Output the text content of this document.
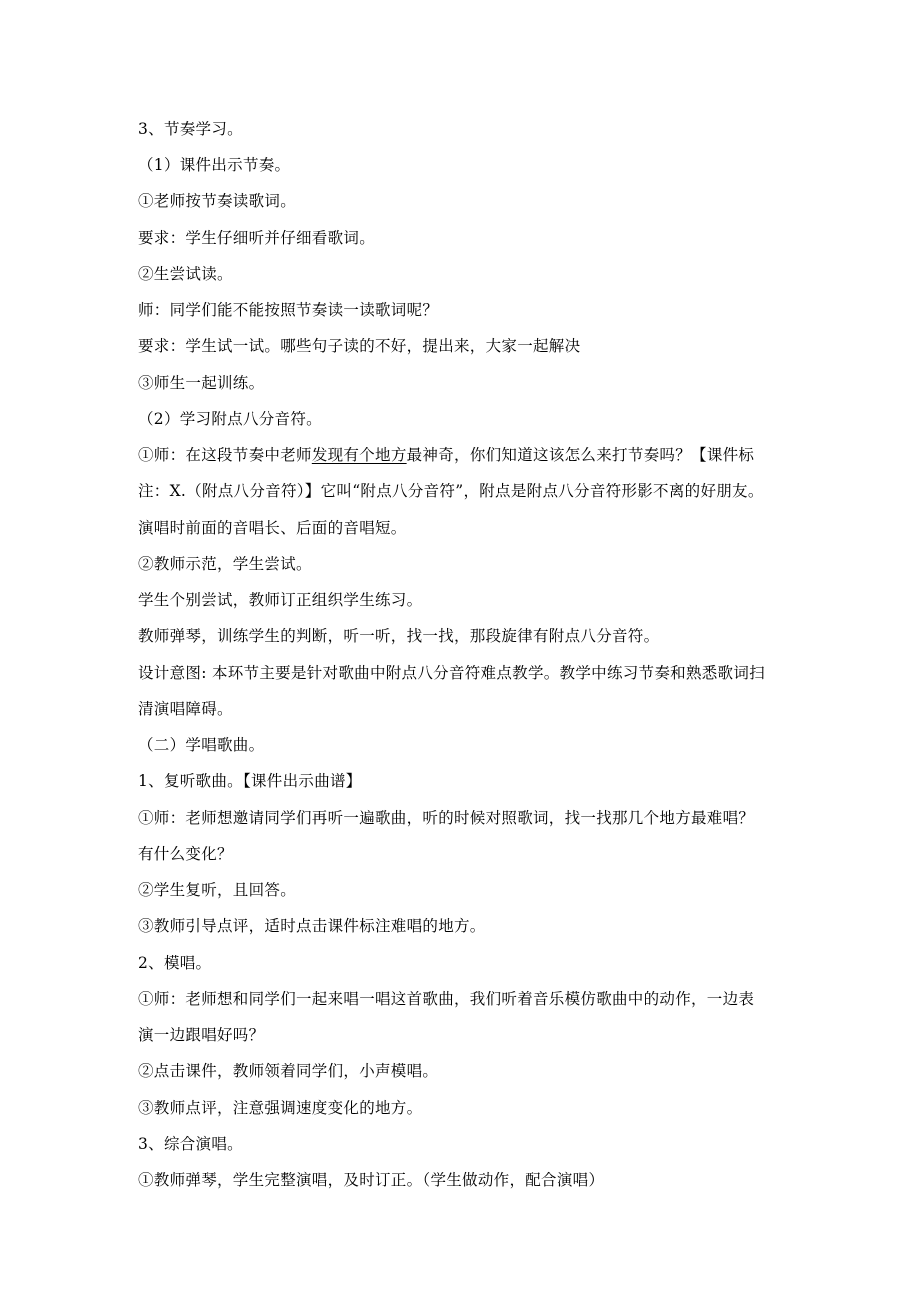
3、节奏学习。
（1）课件出示节奏。
①老师按节奏读歌词。
要求：学生仔细听并仔细看歌词。
②生尝试读。
师：同学们能不能按照节奏读一读歌词呢？
要求：学生试一试。哪些句子读的不好，提出来，大家一起解决
③师生一起训练。
（2）学习附点八分音符。
①师：在这段节奏中老师发现有个地方最神奇，你们知道这该怎么来打节奏吗？【课件标
注：X.（附点八分音符）】它叫“附点八分音符”，附点是附点八分音符形影不离的好朋友。
演唱时前面的音唱长、后面的音唱短。
②教师示范，学生尝试。
学生个别尝试，教师订正组织学生练习。
教师弹琴，训练学生的判断，听一听，找一找，那段旋律有附点八分音符。
设计意图: 本环节主要是针对歌曲中附点八分音符难点教学。教学中练习节奏和熟悉歌词扫
清演唱障碍。
（二）学唱歌曲。
1、复听歌曲。【课件出示曲谱】
①师：老师想邀请同学们再听一遍歌曲，听的时候对照歌词，找一找那几个地方最难唱？
有什么变化？
②学生复听，且回答。
③教师引导点评，适时点击课件标注难唱的地方。
2、模唱。
①师：老师想和同学们一起来唱一唱这首歌曲，我们听着音乐模仿歌曲中的动作，一边表
演一边跟唱好吗？
②点击课件，教师领着同学们，小声模唱。
③教师点评，注意强调速度变化的地方。
3、综合演唱。
①教师弹琴，学生完整演唱，及时订正。（学生做动作，配合演唱）
